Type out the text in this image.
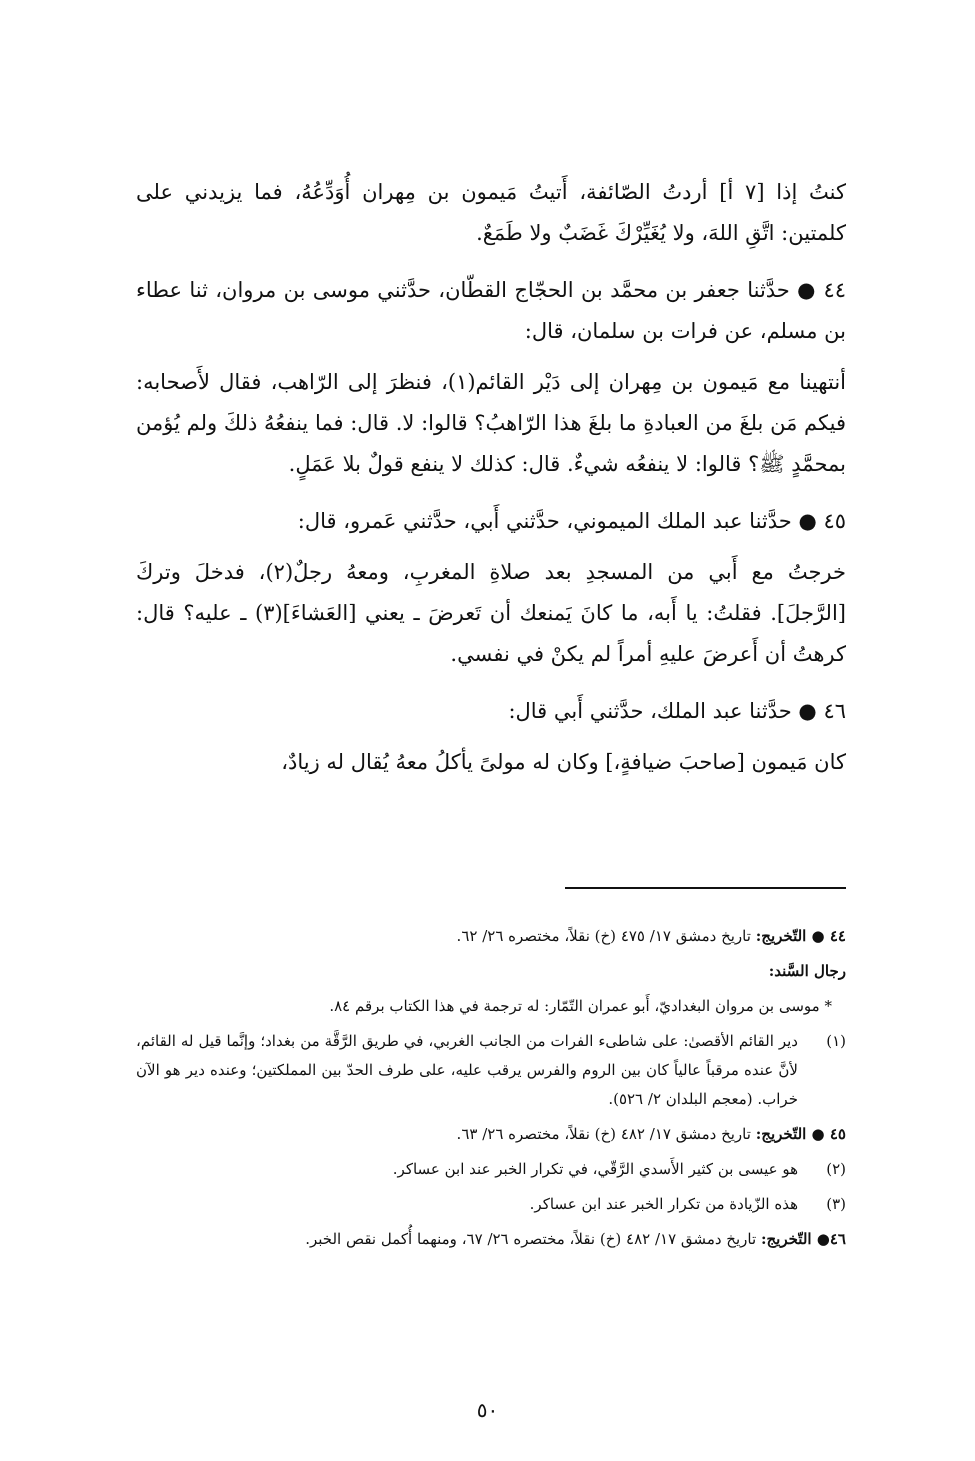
كنتُ إذا [٧ أ] أردتُ الصّائفة، أَتيتُ مَيمون بن مِهران أُوَدِّعُهُ، فما يزيدني على كلمتين: اتَّقِ اللهَ، ولا يُغَيِّرْكَ غَضَبٌ ولا طَمَعٌ.

٤٤ ● حدَّثنا جعفر بن محمَّد بن الحجّاج القطّان، حدَّثني موسى بن مروان، ثنا عطاء بن مسلم، عن فرات بن سلمان، قال:

أنتهينا مع مَيمون بن مِهران إلى دَيْر القائم(١)، فنظرَ إلى الرّاهب، فقال لأَصحابه: فيكم مَن بلغَ من العبادةِ ما بلغَ هذا الرّاهبُ؟ قالوا: لا. قال: فما ينفعُهُ ذلكَ ولم يُؤمن بمحمَّدٍ ﷺ؟ قالوا: لا ينفعُه شيءٌ. قال: كذلك لا ينفع قولٌ بلا عَمَلٍ.

٤٥ ● حدَّثنا عبد الملك الميموني، حدَّثني أَبي، حدَّثني عَمرو، قال:

خرجتُ مع أَبي من المسجدِ بعد صلاةِ المغربِ، ومعهُ رجلٌ(٢)، فدخلَ وتركَ [الرَّجلَ]. فقلتُ: يا أَبه، ما كانَ يَمنعك أن تَعرضَ ـ يعني [العَشاءَ](٣) ـ عليه؟ قال: كرهتُ أن أَعرضَ عليهِ أمراً لم يكنْ في نفسي.

٤٦ ● حدَّثنا عبد الملك، حدَّثني أَبي قال:

كان مَيمون [صاحبَ ضيافةٍ،] وكان له مولىً يأكلُ معهُ يُقال له زيادٌ،

٤٤ ● التّخريج: تاريخ دمشق ١٧/ ٤٧٥ (خ) نقلاً، مختصره ٢٦/ ٦٢.

رجال السَّند:

* موسى بن مروان البغداديّ، أَبو عمران التّمّار: له ترجمة في هذا الكتاب برقم ٨٤.

(١)
دير القائم الأقصىٰ: على شاطىء الفرات من الجانب الغربي، في طريق الرَّقَّة من بغداد؛ وإنَّما قيل له القائم، لأنَّ عنده مرقباً عالياً كان بين الروم والفرس يرقب عليه، على طرف الحدّ بين المملكتين؛ وعنده دير هو الآن خراب. (معجم البلدان ٢/ ٥٢٦).

٤٥ ● التّخريج: تاريخ دمشق ١٧/ ٤٨٢ (خ) نقلاً، مختصره ٢٦/ ٦٣.

(٢)
هو عيسى بن كثير الأَسدي الرَّقّي، في تكرار الخبر عند ابن عساكر.

(٣)
هذه الزّيادة من تكرار الخبر عند ابن عساكر.

٤٦● التّخريج: تاريخ دمشق ١٧/ ٤٨٢ (خ) نقلاً، مختصره ٢٦/ ٦٧، ومنهما أُكمل نقص الخبر.

٥٠
